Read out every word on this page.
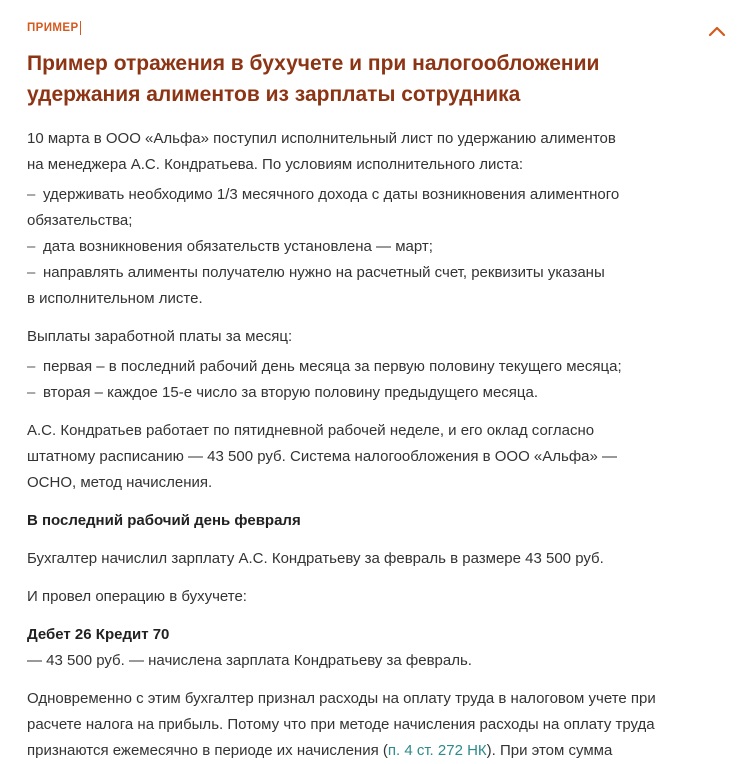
ПРИМЕР
Пример отражения в бухучете и при налогообложении удержания алиментов из зарплаты сотрудника

10 марта в ООО «Альфа» поступил исполнительный лист по удержанию алиментов
на менеджера А.С. Кондратьева. По условиям исполнительного листа:

– удерживать необходимо 1/3 месячного дохода с даты возникновения алиментного
обязательства;
– дата возникновения обязательств установлена — март;
– направлять алименты получателю нужно на расчетный счет, реквизиты указаны
в исполнительном листе.

Выплаты заработной платы за месяц:

– первая – в последний рабочий день месяца за первую половину текущего месяца;
– вторая – каждое 15-е число за вторую половину предыдущего месяца.

А.С. Кондратьев работает по пятидневной рабочей неделе, и его оклад согласно
штатному расписанию — 43 500 руб. Система налогообложения в ООО «Альфа» —
ОСНО, метод начисления.

В последний рабочий день февраля

Бухгалтер начислил зарплату А.С. Кондратьеву за февраль в размере 43 500 руб.

И провел операцию в бухучете:

Дебет 26 Кредит 70
— 43 500 руб. — начислена зарплата Кондратьеву за февраль.

Одновременно с этим бухгалтер признал расходы на оплату труда в налоговом учете при
расчете налога на прибыль. Потому что при методе начисления расходы на оплату труда
признаются ежемесячно в периоде их начисления (п. 4 ст. 272 НК). При этом сумма
